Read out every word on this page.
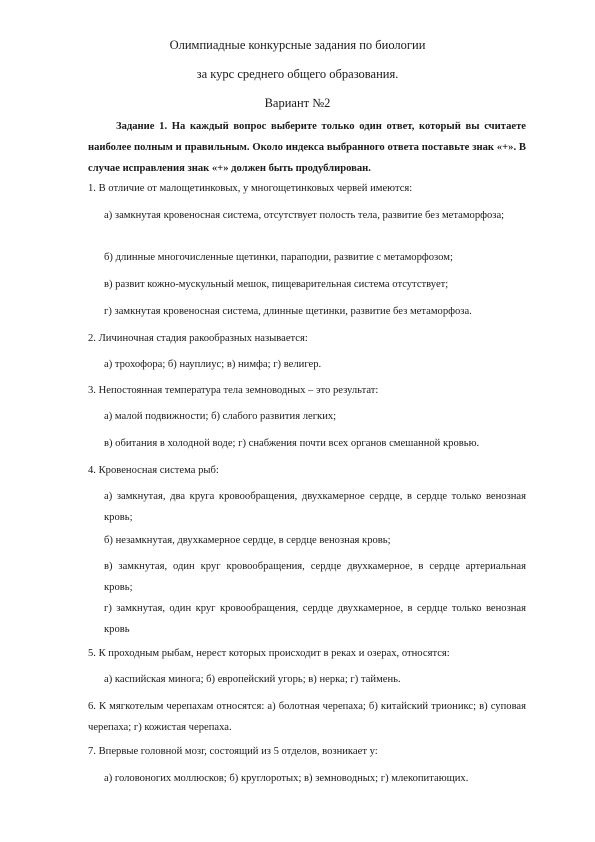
Олимпиадные конкурсные задания по биологии
за курс среднего общего образования.
Вариант №2
Задание 1. На каждый вопрос выберите только один ответ, который вы считаете наиболее полным и правильным. Около индекса выбранного ответа поставьте знак «+». В случае исправления знак «+» должен быть продублирован.
1. В отличие от малощетинковых, у многощетинковых червей имеются:
а) замкнутая кровеносная система, отсутствует полость тела, развитие без метаморфоза;
б) длинные многочисленные щетинки, параподии, развитие с метаморфозом;
в) развит кожно-мускульный мешок, пищеварительная система отсутствует;
г) замкнутая кровеносная система, длинные щетинки, развитие без метаморфоза.
2. Личиночная стадия ракообразных называется:
а) трохофора; б) науплиус; в) нимфа; г) велигер.
3. Непостоянная температура тела земноводных – это результат:
а) малой подвижности; б) слабого развития легких;
в) обитания в холодной воде; г) снабжения почти всех органов смешанной кровью.
4. Кровеносная система рыб:
а) замкнутая, два круга кровообращения, двухкамерное сердце, в сердце только венозная кровь;
б) незамкнутая, двухкамерное сердце, в сердце венозная кровь;
в) замкнутая, один круг кровообращения, сердце двухкамерное, в сердце артериальная кровь;
г) замкнутая, один круг кровообращения, сердце двухкамерное, в сердце только венозная кровь
5. К проходным рыбам, нерест которых происходит в реках и озерах, относятся:
а) каспийская минога; б) европейский угорь; в) нерка; г) таймень.
6. К мягкотелым черепахам относятся: а) болотная черепаха; б) китайский трионикс; в) суповая черепаха; г) кожистая черепаха.
7. Впервые головной мозг, состоящий из 5 отделов, возникает у:
а) головоногих моллюсков; б) круглоротых; в) земноводных; г) млекопитающих.
